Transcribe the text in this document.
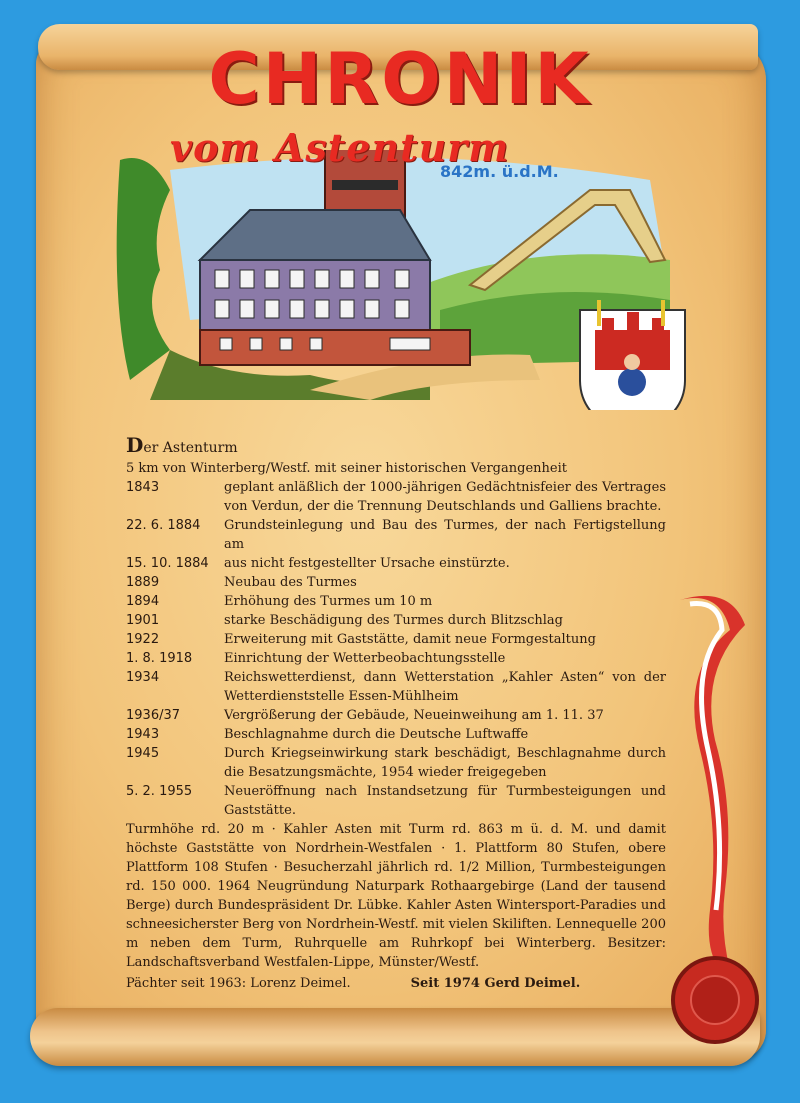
CHRONIK
vom Astenturm
842m. ü.d.M.
Der Astenturm
5 km von Winterberg/Westf. mit seiner historischen Vergangenheit
1843	geplant anläßlich der 1000-jährigen Gedächtnisfeier des Vertrages von Verdun, der die Trennung Deutschlands und Galliens brachte.
22. 6. 1884	Grundsteinlegung und Bau des Turmes, der nach Fertigstellung am
15. 10. 1884	aus nicht festgestellter Ursache einstürzte.
1889	Neubau des Turmes
1894	Erhöhung des Turmes um 10 m
1901	starke Beschädigung des Turmes durch Blitzschlag
1922	Erweiterung mit Gaststätte, damit neue Formgestaltung
1. 8. 1918	Einrichtung der Wetterbeobachtungsstelle
1934	Reichswetterdienst, dann Wetterstation „Kahler Asten“ von der Wetterdienststelle Essen-Mühlheim
1936/37	Vergrößerung der Gebäude, Neueinweihung am 1. 11. 37
1943	Beschlagnahme durch die Deutsche Luftwaffe
1945	Durch Kriegseinwirkung stark beschädigt, Beschlagnahme durch die Besatzungsmächte, 1954 wieder freigegeben
5. 2. 1955	Neueröffnung nach Instandsetzung für Turmbesteigungen und Gaststätte.
Turmhöhe rd. 20 m · Kahler Asten mit Turm rd. 863 m ü. d. M. und damit höchste Gaststätte von Nordrhein-Westfalen · 1. Plattform 80 Stufen, obere Plattform 108 Stufen · Besucherzahl jährlich rd. 1/2 Million, Turmbesteigungen rd. 150 000. 1964 Neugründung Naturpark Rothaargebirge (Land der tausend Berge) durch Bundespräsident Dr. Lübke. Kahler Asten Wintersport-Paradies und schneesicherster Berg von Nordrhein-Westf. mit vielen Skiliften. Lennequelle 200 m neben dem Turm, Ruhrquelle am Ruhrkopf bei Winterberg. Besitzer: Landschaftsverband Westfalen-Lippe, Münster/Westf.
Pächter seit 1963: Lorenz Deimel.	Seit 1974 Gerd Deimel.
